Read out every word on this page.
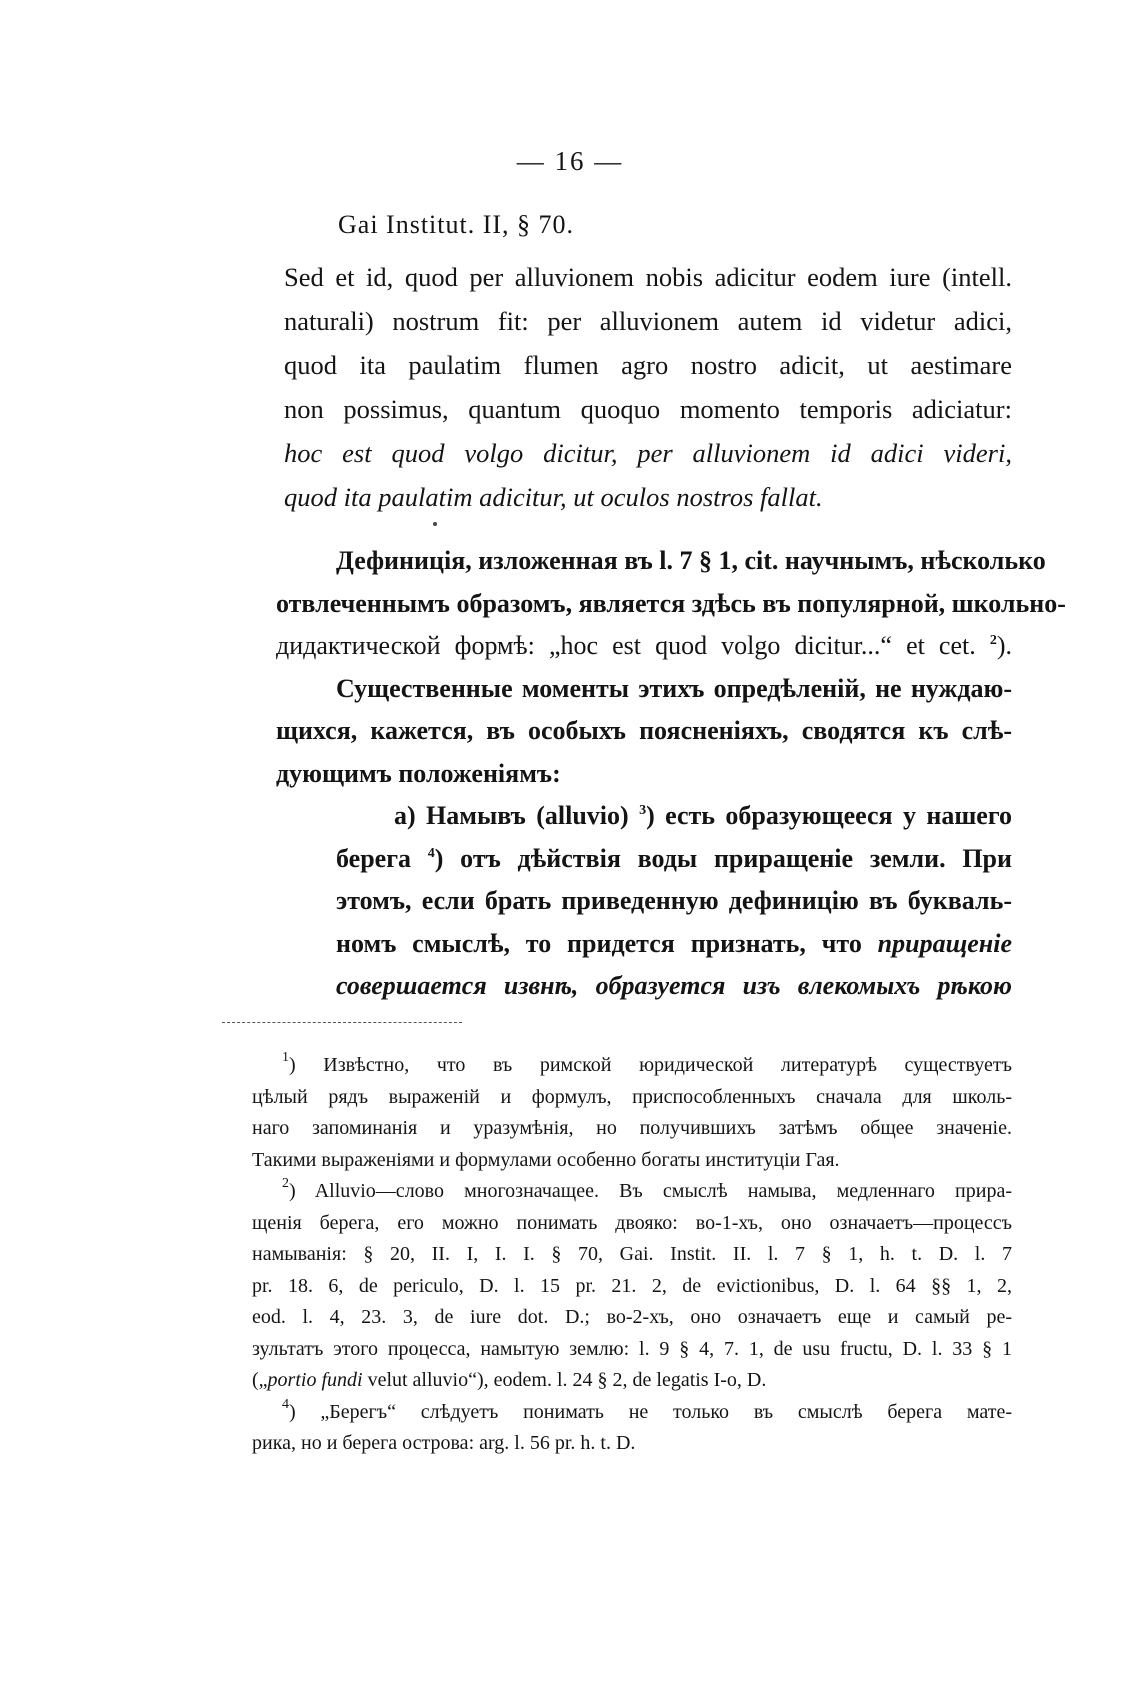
— 16 —
Gai Institut. II, § 70.
Sed et id, quod per alluvionem nobis adicitur eodem iure (intell.
naturali) nostrum fit: per alluvionem autem id videtur adici,
quod ita paulatim flumen agro nostro adicit, ut aestimare
non possimus, quantum quoquo momento temporis adiciatur:
hoc est quod volgo dicitur, per alluvionem id adici videri,
quod ita paulatim adicitur, ut oculos nostros fallat.
Дефиниція, изложенная въ l. 7 § 1, cit. научнымъ, нѣсколько
отвлеченнымъ образомъ, является здѣсь въ популярной, школьно-
дидактической формѣ: „hoc est quod volgo dicitur...“ et cet. $^2$).
Существенные моменты этихъ опредѣленій, не нуждаю-
щихся, кажется, въ особыхъ поясненіяхъ, сводятся къ слѣ-
дующимъ положеніямъ:
a) Намывъ (alluvio) $^3$) есть образующееся у нашего
берега $^4$) отъ дѣйствія воды приращеніе земли. При
этомъ, если брать приведенную дефиницію въ букваль-
номъ смыслѣ, то придется признать, что приращеніе
совершается извнѣ, образуется изъ влекомыхъ рѣкою
$^1$) Извѣстно, что въ римской юридической литературѣ существуетъ
цѣлый рядъ выраженій и формулъ, приспособленныхъ сначала для школь-
наго запоминанія и уразумѣнія, но получившихъ затѣмъ общее значеніе.
Такими выраженіями и формулами особенно богаты институціи Гая.
$^2$) Alluvio—слово многозначащее. Въ смыслѣ намыва, медленнаго прира-
щенія берега, его можно понимать двояко: во-1-хъ, оно означаетъ—процессъ
намыванія: § 20, II. I, I. I. § 70, Gai. Instit. II. l. 7 § 1, h. t. D. l. 7
pr. 18. 6, de periculo, D. l. 15 pr. 21. 2, de evictionibus, D. l. 64 §§ 1, 2,
eod. l. 4, 23. 3, de iure dot. D.; во-2-хъ, оно означаетъ еще и самый ре-
зультатъ этого процесса, намытую землю: l. 9 § 4, 7. 1, de usu fructu, D. l. 33 § 1
(„portio fundi velut alluvio“), eodem. l. 24 § 2, de legatis I-o, D.
$^4$) „Берегъ“ слѣдуетъ понимать не только въ смыслѣ берега мате-
рика, но и берега острова: arg. l. 56 pr. h. t. D.
